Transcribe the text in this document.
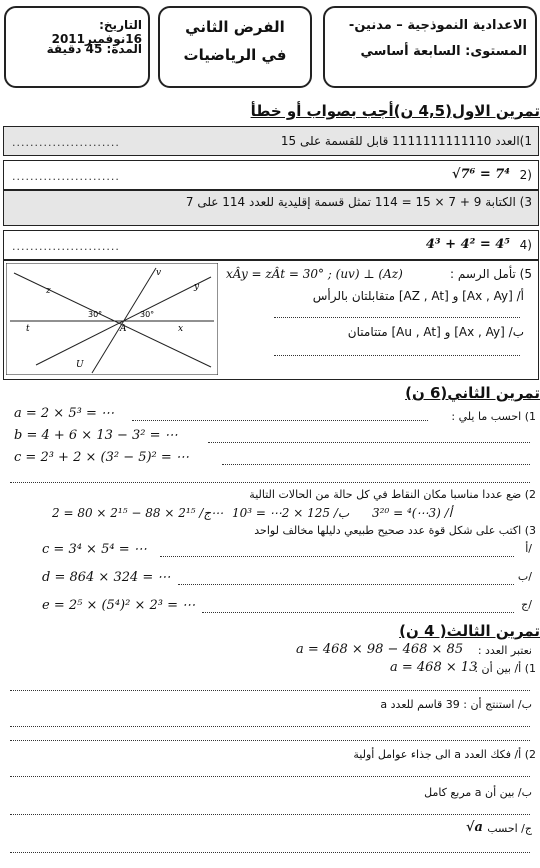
الاعدادية النموذجية – مدنين-
المستوى: السابعة أساسي
الفرض الثاني
في الرياضيات
التاريخ: 16نوفمبر2011
المدة: 45 دقيقة
تمرين الاول(4,5 ن)أجب بصواب أو خطأ
........................	1)العدد 1111111111110 قابل للقسمة على 15
........................	2)
√7⁶ = 7⁴
3) الكتابة 9 + 7 × 15 = 114 تمثل قسمة إقليدية للعدد 114 على 7
........................	4)
4³ + 4² = 4⁵
z
v
y
t	A	x
U
30°	30°
xÂy = zÂt = 30° ; (uv) ⊥ (Az)	5) تأمل الرسم :
أ/ [Ax , Ay] و [AZ , At] متقابلتان بالرأس
ب/ [Ax , Ay] و [Au , At] متتامتان
تمرين الثاني(6 ن)
1) احسب ما يلي :
a = 2 × 5³ = ⋯
b = 4 + 6 × 13 − 3² = ⋯
c = 2³ + 2 × (3² − 5)² = ⋯
2) ضع عددا مناسبا مكان النقاط في كل حالة من الحالات التالية
أ/ (3⋯)⁴ = 3²⁰
ب/ 125 × 2⋯ = 10³
ج/ 2¹⁵ × 88 − 2¹⁵ × 80 = 2⋯
3) اكتب على شكل قوة عدد صحيح طبيعي دليلها مخالف لواحد
c = 3⁴ × 5⁴ = ⋯	أ/
d = 864 × 324 = ⋯	ب/
e = 2⁵ × (5⁴)² × 2³ = ⋯	ج/
تمرين الثالث( 4 ن)
نعتبر العدد :
a = 468 × 98 − 468 × 85
1) أ/ بين أن :
a = 468 × 13
ب/ استنتج أن : 39 قاسم للعدد a
2) أ/ فكك العدد a الى جذاء عوامل أولية
ب/ بين أن a مربع كامل
ج/ احسب
√a
